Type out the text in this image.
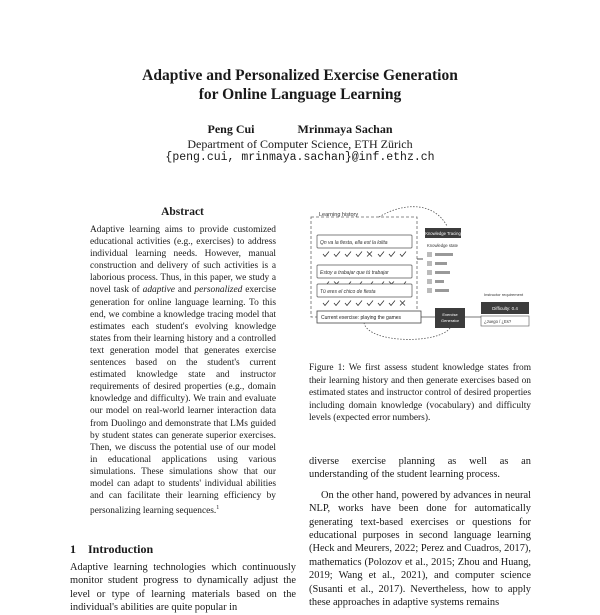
Adaptive and Personalized Exercise Generation
for Online Language Learning
Peng Cui	Mrinmaya Sachan
Department of Computer Science, ETH Zürich
{peng.cui, mrinmaya.sachan}@inf.ethz.ch
Abstract
Adaptive learning aims to provide customized educational activities (e.g., exercises) to address individual learning needs. However, manual construction and delivery of such activities is a laborious process. Thus, in this paper, we study a novel task of adaptive and personalized exercise generation for online language learning. To this end, we combine a knowledge tracing model that estimates each student's evolving knowledge states from their learning history and a controlled text generation model that generates exercise sentences based on the student's current estimated knowledge state and instructor requirements of desired properties (e.g., domain knowledge and difficulty). We train and evaluate our model on real-world learner interaction data from Duolingo and demonstrate that LMs guided by student states can generate superior exercises. Then, we discuss the potential use of our model in educational applications using various simulations. These simulations show that our model can adapt to students' individual abilities and can facilitate their learning efficiency by personalizing learning sequences.$^1$
1 Introduction
Adaptive learning technologies which continuously monitor student progress to dynamically adjust the level or type of learning materials based on the individual's abilities are quite popular in
Learning history
Qn va la fiesta, ella est la lolita
Estoy a trabajar que tú trabajar
Tú eres el chico de fiesta
Current exercise: playing the games
Knowledge Tracing
Knowledge state
Exercise
Generator
Instructor requirement
Difficulty: 0.4
¿Juego / ¿Es?
Figure 1: We first assess student knowledge states from their learning history and then generate exercises based on estimated states and instructor control of desired properties including domain knowledge (vocabulary) and difficulty levels (expected error numbers).

diverse exercise planning as well as an understanding of the student learning process.

On the other hand, powered by advances in neural NLP, works have been done for automatically generating text-based exercises or questions for educational purposes in second language learning (Heck and Meurers, 2022; Perez and Cuadros, 2017), mathematics (Polozov et al., 2015; Zhou and Huang, 2019; Wang et al., 2021), and computer science (Susanti et al., 2017). Nevertheless, how to apply these approaches in adaptive systems remains
